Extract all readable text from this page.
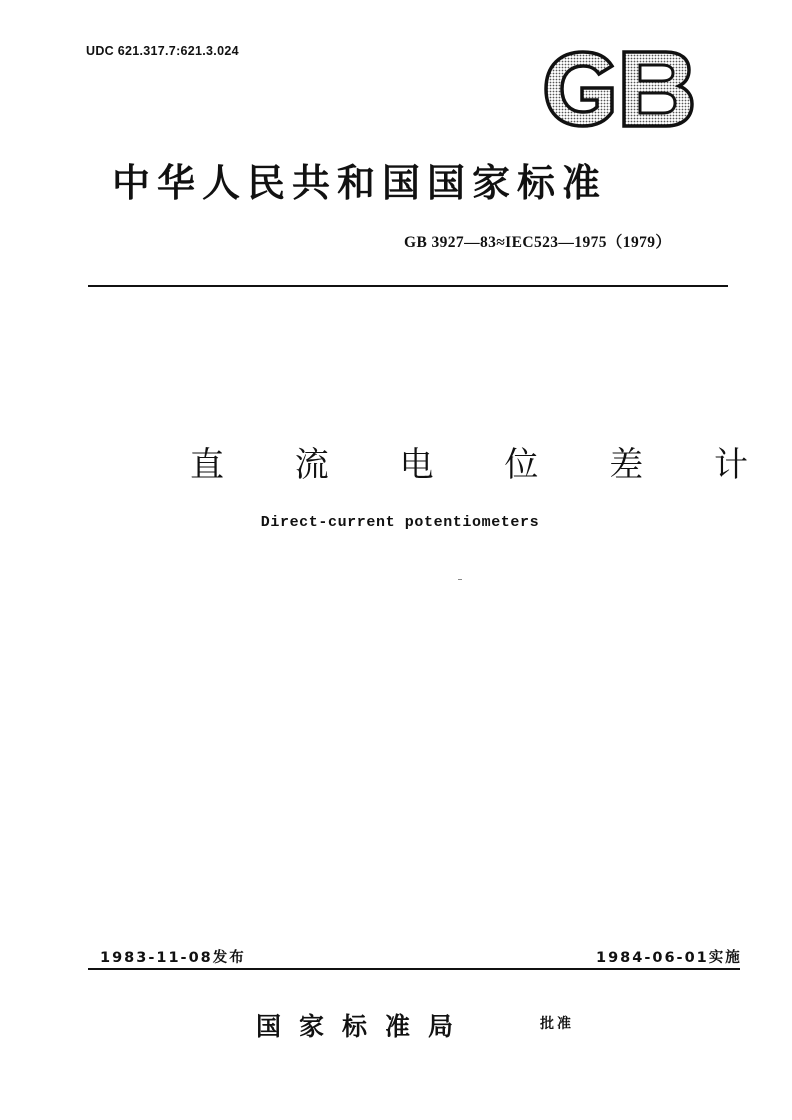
UDC 621.317.7:621.3.024
中华人民共和国国家标准
GB 3927—83≈IEC523—1975（1979）
直 流 电 位 差 计
Direct-current potentiometers
1983-11-08发布	1984-06-01实施
国家标准局	批准
